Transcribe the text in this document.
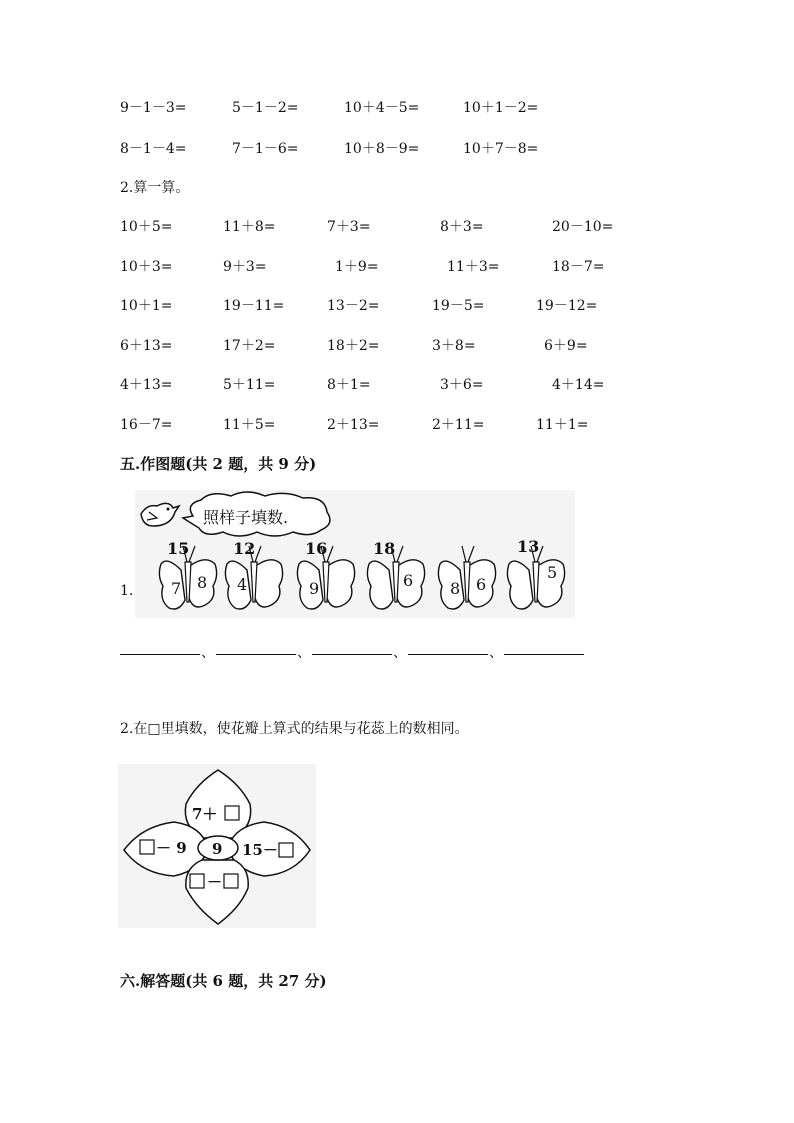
9－1－3=	5－1－2=	10＋4－5=	10＋1－2=
8－1－4=	7－1－6=	10＋8－9=	10＋7－8=
2.算一算。
10＋5=	11＋8=	7＋3=	8＋3=	20－10=
10＋3=	9＋3=	1＋9=	11＋3=	18－7=
10＋1=	19－11=	13－2=	19－5=	19－12=
6＋13=	17＋2=	18＋2=	3＋8=	6＋9=
4＋13=	5＋11=	8＋1=	3＋6=	4＋14=
16－7=	11＋5=	2＋13=	2＋11=	11＋1=
五.作图题(共 2 题，共 9 分)
照样子填数.
15
7 8
12
4
16
9
18
6 8 6
13
5
1.
、	、	、	、
2.在□里填数，使花瓣上算式的结果与花蕊上的数相同。
9
7＋
－ 9	15－
－
六.解答题(共 6 题，共 27 分)
